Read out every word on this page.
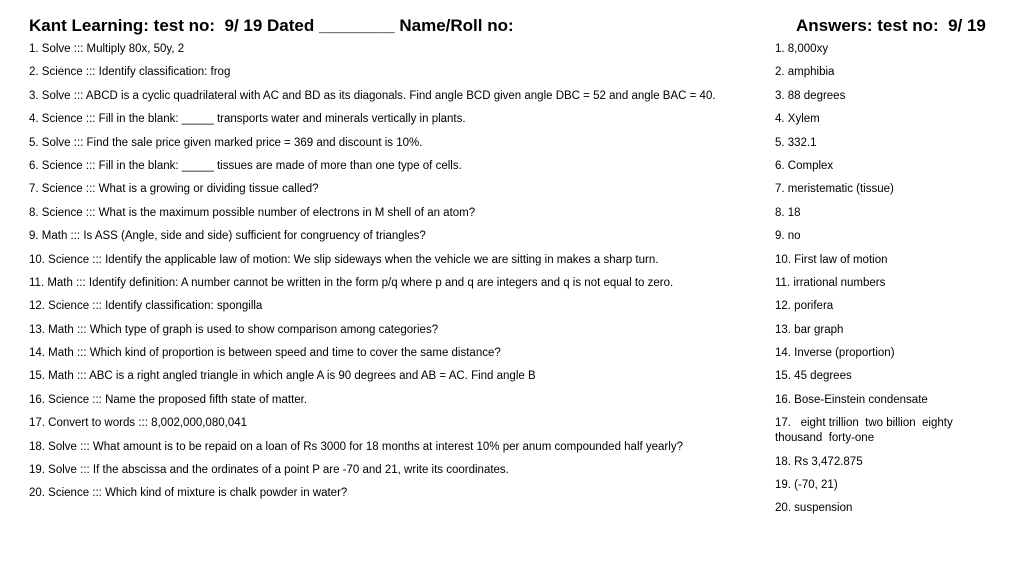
Kant Learning: test no:  9/ 19 Dated ________ Name/Roll no:	Answers: test no:  9/ 19
1. Solve ::: Multiply 80x, 50y, 2
2. Science ::: Identify classification: frog
3. Solve ::: ABCD is a cyclic quadrilateral with AC and BD as its diagonals. Find angle BCD given angle DBC = 52 and angle BAC = 40.
4. Science ::: Fill in the blank: _____ transports water and minerals vertically in plants.
5. Solve ::: Find the sale price given marked price = 369 and discount is 10%.
6. Science ::: Fill in the blank: _____ tissues are made of more than one type of cells.
7. Science ::: What is a growing or dividing tissue called?
8. Science ::: What is the maximum possible number of electrons in M shell of an atom?
9. Math ::: Is ASS (Angle, side and side) sufficient for congruency of triangles?
10. Science ::: Identify the applicable law of motion: We slip sideways when the vehicle we are sitting in makes a sharp turn.
11. Math ::: Identify definition: A number cannot be written in the form p/q where p and q are integers and q is not equal to zero.
12. Science ::: Identify classification: spongilla
13. Math ::: Which type of graph is used to show comparison among categories?
14. Math ::: Which kind of proportion is between speed and time to cover the same distance?
15. Math ::: ABC is a right angled triangle in which angle A is 90 degrees and AB = AC. Find angle B
16. Science ::: Name the proposed fifth state of matter.
17. Convert to words ::: 8,002,000,080,041
18. Solve ::: What amount is to be repaid on a loan of Rs 3000 for 18 months at interest 10% per anum compounded half yearly?
19. Solve ::: If the abscissa and the ordinates of a point P are -70 and 21, write its coordinates.
20. Science ::: Which kind of mixture is chalk powder in water?
1. 8,000xy
2. amphibia
3. 88 degrees
4. Xylem
5. 332.1
6. Complex
7. meristematic (tissue)
8. 18
9. no
10. First law of motion
11. irrational numbers
12. porifera
13. bar graph
14. Inverse (proportion)
15. 45 degrees
16. Bose-Einstein condensate
17.   eight trillion  two billion  eighty thousand  forty-one
18. Rs 3,472.875
19. (-70, 21)
20. suspension
